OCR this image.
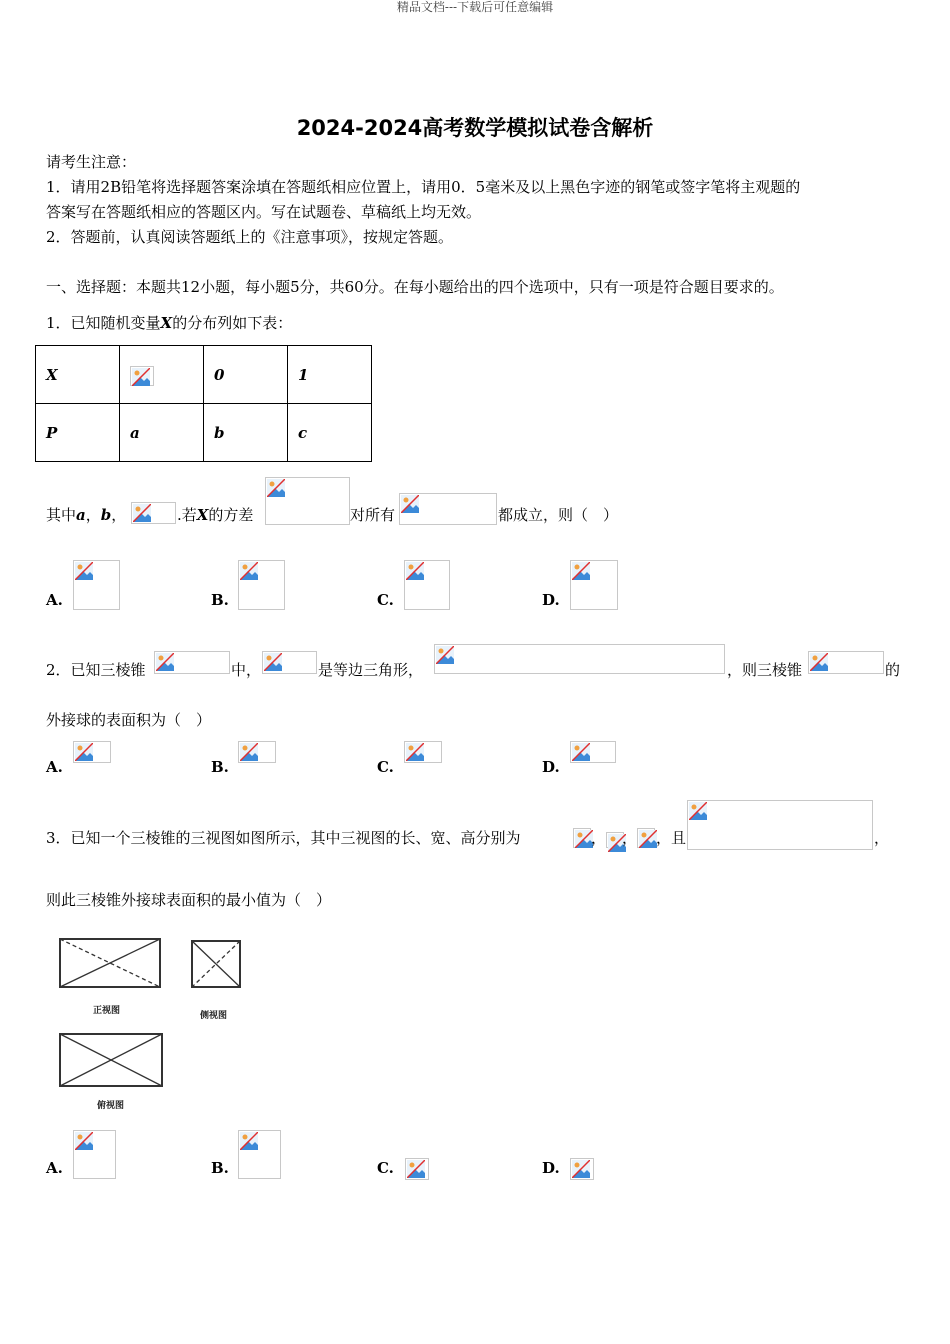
精品文档---下载后可任意编辑
2024-2024高考数学模拟试卷含解析
请考生注意：
1．请用2B铅笔将选择题答案涂填在答题纸相应位置上，请用0．5毫米及以上黑色字迹的钢笔或签字笔将主观题的
答案写在答题纸相应的答题区内。写在试题卷、草稿纸上均无效。
2．答题前，认真阅读答题纸上的《注意事项》，按规定答题。
一、选择题：本题共12小题，每小题5分，共60分。在每小题给出的四个选项中，只有一项是符合题目要求的。
1．已知随机变量X的分布列如下表：
X		0	1
P	a	b	c
其中a，b，	.若X的方差	对所有	都成立，则（　）
A.	B.	C.	D.
2．已知三棱锥	中，	是等边三角形，	，则三棱锥	的
外接球的表面积为（　）
A.	B.	C.	D.
3．已知一个三棱锥的三视图如图所示，其中三视图的长、宽、高分别为	， ， ，且	，
则此三棱锥外接球表面积的最小值为（　）
正视图	侧视图
俯视图
A.	B.	C.	D.
